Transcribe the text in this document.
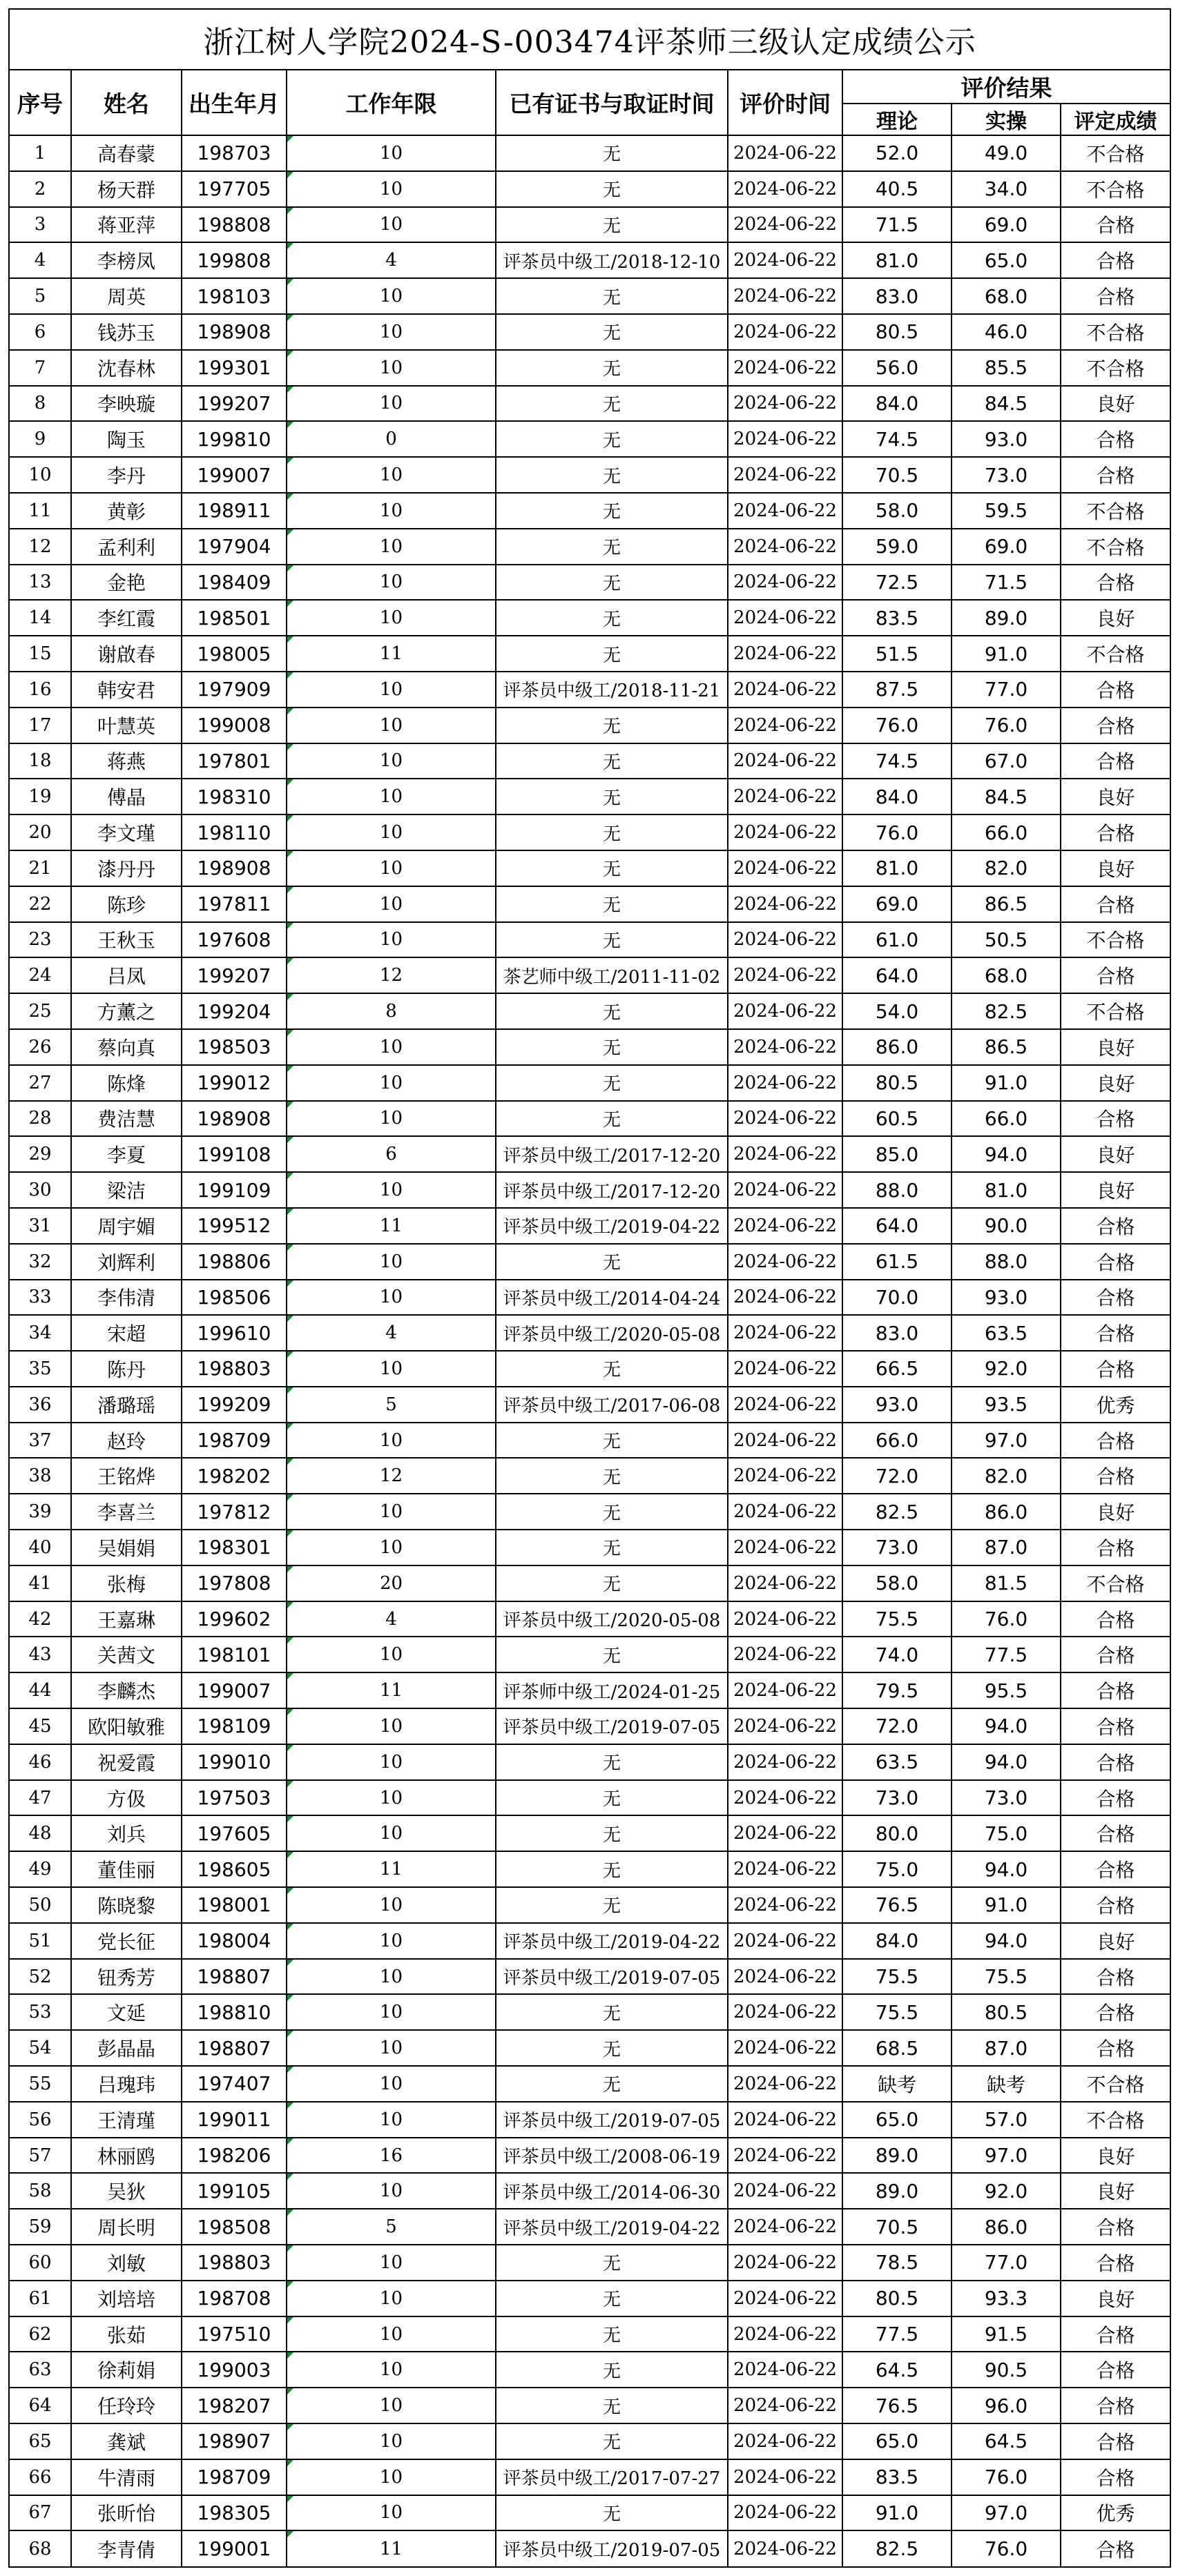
浙江树人学院2024-S-003474评茶师三级认定成绩公示								
序号	姓名	出生年月	工作年限	已有证书与取证时间	评价时间	评价结果		
						理论	实操	评定成绩
1	高春蒙	198703	10	无	2024-06-22	52.0	49.0	不合格
2	杨天群	197705	10	无	2024-06-22	40.5	34.0	不合格
3	蒋亚萍	198808	10	无	2024-06-22	71.5	69.0	合格
4	李榜凤	199808	4	评茶员中级工/2018-12-10	2024-06-22	81.0	65.0	合格
5	周英	198103	10	无	2024-06-22	83.0	68.0	合格
6	钱苏玉	198908	10	无	2024-06-22	80.5	46.0	不合格
7	沈春林	199301	10	无	2024-06-22	56.0	85.5	不合格
8	李映璇	199207	10	无	2024-06-22	84.0	84.5	良好
9	陶玉	199810	0	无	2024-06-22	74.5	93.0	合格
10	李丹	199007	10	无	2024-06-22	70.5	73.0	合格
11	黄彰	198911	10	无	2024-06-22	58.0	59.5	不合格
12	孟利利	197904	10	无	2024-06-22	59.0	69.0	不合格
13	金艳	198409	10	无	2024-06-22	72.5	71.5	合格
14	李红霞	198501	10	无	2024-06-22	83.5	89.0	良好
15	谢啟春	198005	11	无	2024-06-22	51.5	91.0	不合格
16	韩安君	197909	10	评茶员中级工/2018-11-21	2024-06-22	87.5	77.0	合格
17	叶慧英	199008	10	无	2024-06-22	76.0	76.0	合格
18	蒋燕	197801	10	无	2024-06-22	74.5	67.0	合格
19	傅晶	198310	10	无	2024-06-22	84.0	84.5	良好
20	李文瑾	198110	10	无	2024-06-22	76.0	66.0	合格
21	漆丹丹	198908	10	无	2024-06-22	81.0	82.0	良好
22	陈珍	197811	10	无	2024-06-22	69.0	86.5	合格
23	王秋玉	197608	10	无	2024-06-22	61.0	50.5	不合格
24	吕凤	199207	12	茶艺师中级工/2011-11-02	2024-06-22	64.0	68.0	合格
25	方薰之	199204	8	无	2024-06-22	54.0	82.5	不合格
26	蔡向真	198503	10	无	2024-06-22	86.0	86.5	良好
27	陈烽	199012	10	无	2024-06-22	80.5	91.0	良好
28	费洁慧	198908	10	无	2024-06-22	60.5	66.0	合格
29	李夏	199108	6	评茶员中级工/2017-12-20	2024-06-22	85.0	94.0	良好
30	梁洁	199109	10	评茶员中级工/2017-12-20	2024-06-22	88.0	81.0	良好
31	周宇媚	199512	11	评茶员中级工/2019-04-22	2024-06-22	64.0	90.0	合格
32	刘辉利	198806	10	无	2024-06-22	61.5	88.0	合格
33	李伟清	198506	10	评茶员中级工/2014-04-24	2024-06-22	70.0	93.0	合格
34	宋超	199610	4	评茶员中级工/2020-05-08	2024-06-22	83.0	63.5	合格
35	陈丹	198803	10	无	2024-06-22	66.5	92.0	合格
36	潘璐瑶	199209	5	评茶员中级工/2017-06-08	2024-06-22	93.0	93.5	优秀
37	赵玲	198709	10	无	2024-06-22	66.0	97.0	合格
38	王铭烨	198202	12	无	2024-06-22	72.0	82.0	合格
39	李喜兰	197812	10	无	2024-06-22	82.5	86.0	良好
40	吴娟娟	198301	10	无	2024-06-22	73.0	87.0	合格
41	张梅	197808	20	无	2024-06-22	58.0	81.5	不合格
42	王嘉琳	199602	4	评茶员中级工/2020-05-08	2024-06-22	75.5	76.0	合格
43	关茜文	198101	10	无	2024-06-22	74.0	77.5	合格
44	李麟杰	199007	11	评茶师中级工/2024-01-25	2024-06-22	79.5	95.5	合格
45	欧阳敏雅	198109	10	评茶员中级工/2019-07-05	2024-06-22	72.0	94.0	合格
46	祝爱霞	199010	10	无	2024-06-22	63.5	94.0	合格
47	方伋	197503	10	无	2024-06-22	73.0	73.0	合格
48	刘兵	197605	10	无	2024-06-22	80.0	75.0	合格
49	董佳丽	198605	11	无	2024-06-22	75.0	94.0	合格
50	陈晓黎	198001	10	无	2024-06-22	76.5	91.0	合格
51	党长征	198004	10	评茶员中级工/2019-04-22	2024-06-22	84.0	94.0	良好
52	钮秀芳	198807	10	评茶员中级工/2019-07-05	2024-06-22	75.5	75.5	合格
53	文延	198810	10	无	2024-06-22	75.5	80.5	合格
54	彭晶晶	198807	10	无	2024-06-22	68.5	87.0	合格
55	吕瑰玮	197407	10	无	2024-06-22	缺考	缺考	不合格
56	王清瑾	199011	10	评茶员中级工/2019-07-05	2024-06-22	65.0	57.0	不合格
57	林丽鸥	198206	16	评茶员中级工/2008-06-19	2024-06-22	89.0	97.0	良好
58	吴狄	199105	10	评茶员中级工/2014-06-30	2024-06-22	89.0	92.0	良好
59	周长明	198508	5	评茶员中级工/2019-04-22	2024-06-22	70.5	86.0	合格
60	刘敏	198803	10	无	2024-06-22	78.5	77.0	合格
61	刘培培	198708	10	无	2024-06-22	80.5	93.3	良好
62	张茹	197510	10	无	2024-06-22	77.5	91.5	合格
63	徐莉娟	199003	10	无	2024-06-22	64.5	90.5	合格
64	任玲玲	198207	10	无	2024-06-22	76.5	96.0	合格
65	龚斌	198907	10	无	2024-06-22	65.0	64.5	合格
66	牛清雨	198709	10	评茶员中级工/2017-07-27	2024-06-22	83.5	76.0	合格
67	张昕怡	198305	10	无	2024-06-22	91.0	97.0	优秀
68	李青倩	199001	11	评茶员中级工/2019-07-05	2024-06-22	82.5	76.0	合格
